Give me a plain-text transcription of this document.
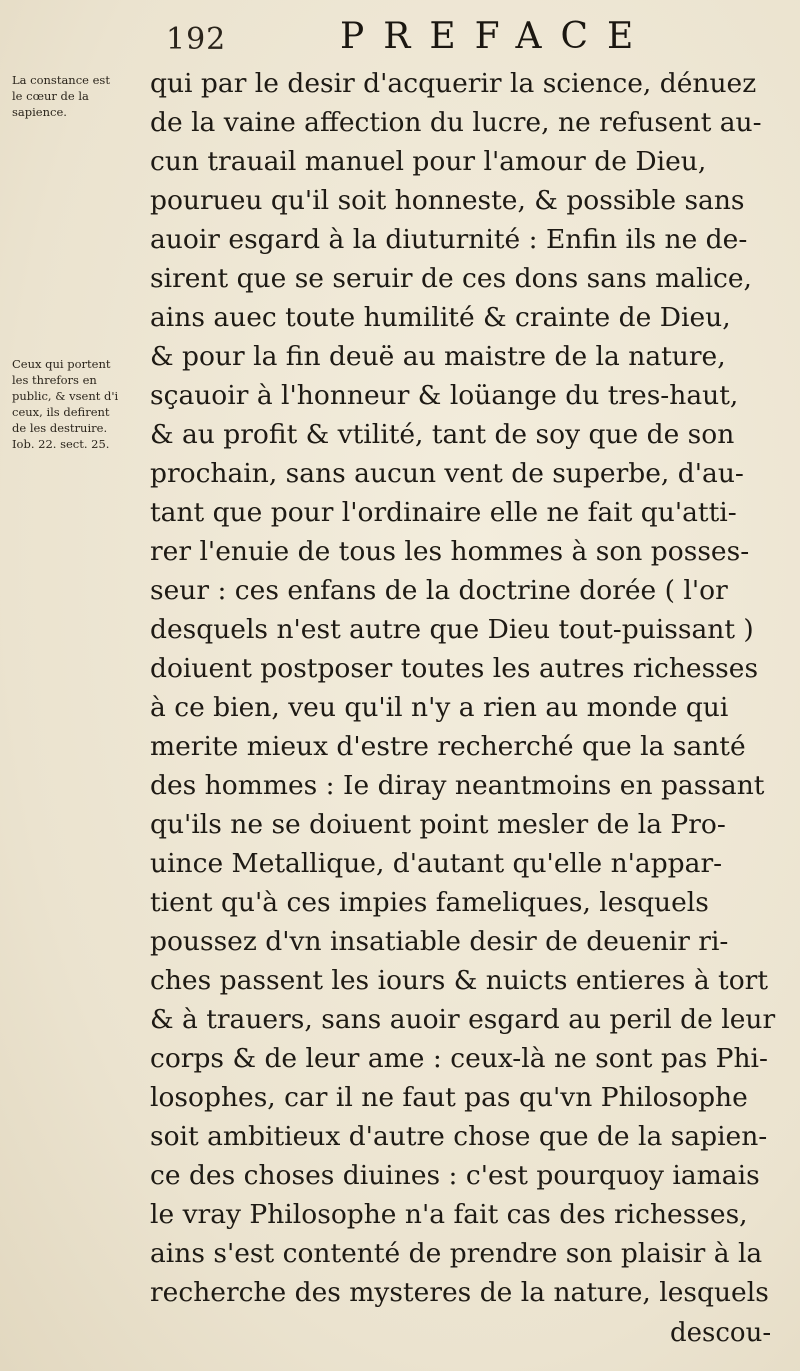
192	PREFACE
La constance est le cœur de la sapience.
Ceux qui portent les threfors en public, & vsent d'i ceux, ils defirent de les destruire. Iob. 22. sect. 25.
qui par le desir d'acquerir la science, dénuez
de la vaine affection du lucre, ne refusent au-
cun trauail manuel pour l'amour de Dieu,
pourueu qu'il soit honneste, & possible sans
auoir esgard à la diuturnité : Enfin ils ne de-
sirent que se seruir de ces dons sans malice,
ains auec toute humilité & crainte de Dieu,
& pour la fin deuë au maistre de la nature,
sçauoir à l'honneur & loüange du tres-haut,
& au profit & vtilité, tant de soy que de son
prochain, sans aucun vent de superbe, d'au-
tant que pour l'ordinaire elle ne fait qu'atti-
rer l'enuie de tous les hommes à son posses-
seur : ces enfans de la doctrine dorée ( l'or
desquels n'est autre que Dieu tout-puissant )
doiuent postposer toutes les autres richesses
à ce bien, veu qu'il n'y a rien au monde qui
merite mieux d'estre recherché que la santé
des hommes : Ie diray neantmoins en passant
qu'ils ne se doiuent point mesler de la Pro-
uince Metallique, d'autant qu'elle n'appar-
tient qu'à ces impies fameliques, lesquels
poussez d'vn insatiable desir de deuenir ri-
ches passent les iours & nuicts entieres à tort
& à trauers, sans auoir esgard au peril de leur
corps & de leur ame : ceux-là ne sont pas Phi-
losophes, car il ne faut pas qu'vn Philosophe
soit ambitieux d'autre chose que de la sapien-
ce des choses diuines : c'est pourquoy iamais
le vray Philosophe n'a fait cas des richesses,
ains s'est contenté de prendre son plaisir à la
recherche des mysteres de la nature, lesquels
descou-
